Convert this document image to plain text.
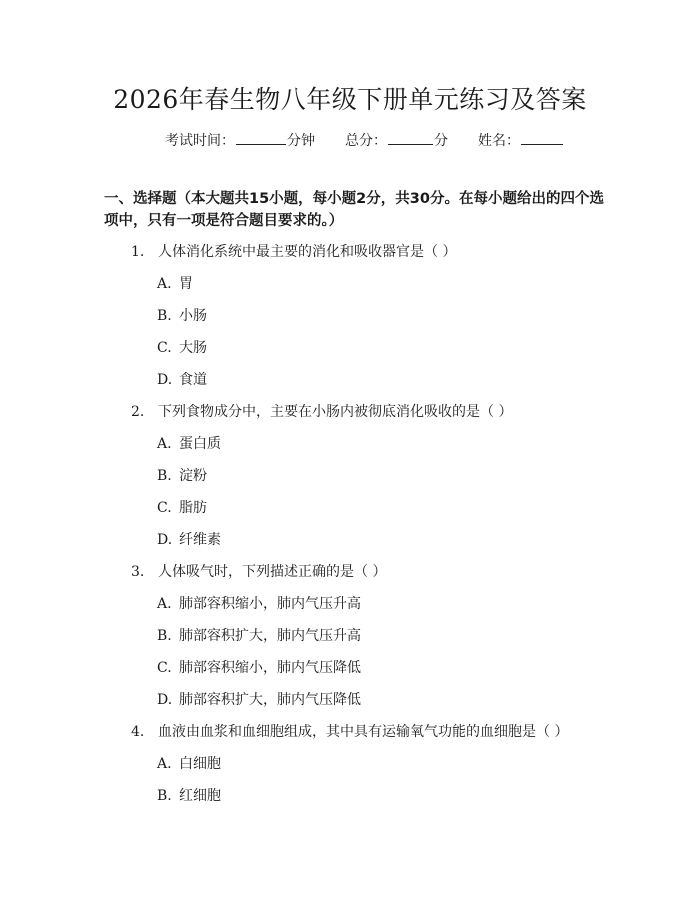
2026年春生物八年级下册单元练习及答案
考试时间：	分钟 总分：	分 姓名：
一、选择题（本大题共15小题，每小题2分，共30分。在每小题给出的四个选项中，只有一项是符合题目要求的。）
1. 人体消化系统中最主要的消化和吸收器官是（ ）
A. 胃
B. 小肠
C. 大肠
D. 食道
2. 下列食物成分中，主要在小肠内被彻底消化吸收的是（ ）
A. 蛋白质
B. 淀粉
C. 脂肪
D. 纤维素
3. 人体吸气时，下列描述正确的是（ ）
A. 肺部容积缩小，肺内气压升高
B. 肺部容积扩大，肺内气压升高
C. 肺部容积缩小，肺内气压降低
D. 肺部容积扩大，肺内气压降低
4. 血液由血浆和血细胞组成，其中具有运输氧气功能的血细胞是（ ）
A. 白细胞
B. 红细胞
